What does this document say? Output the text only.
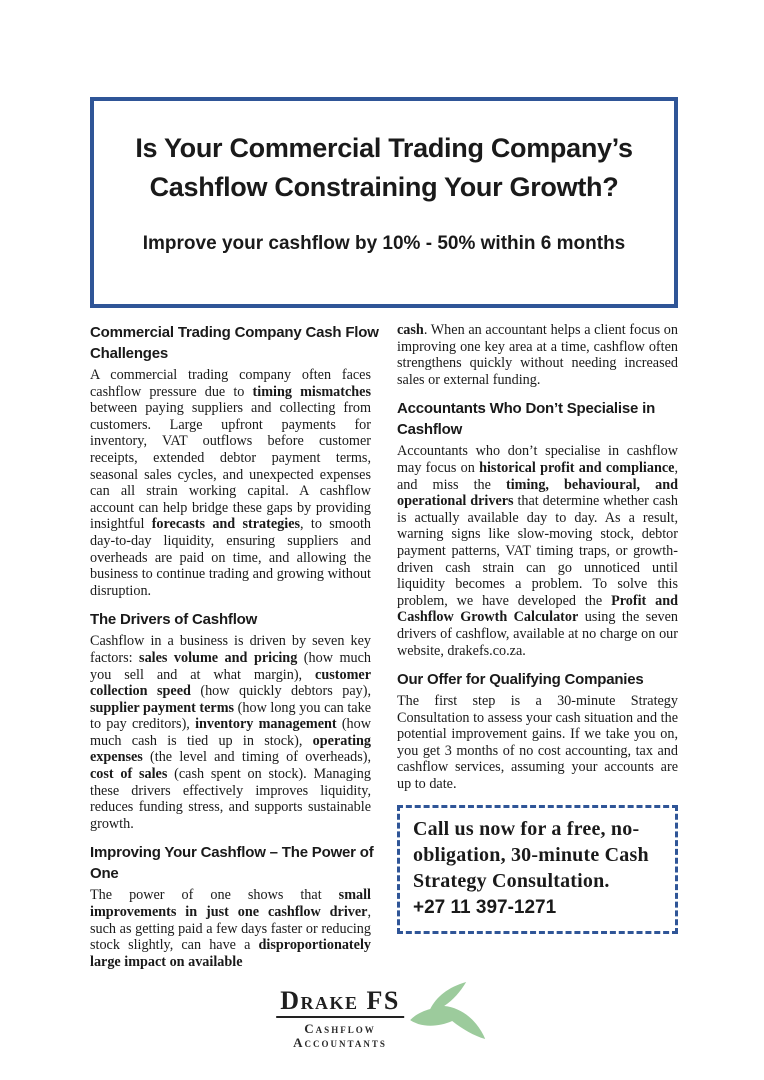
Is Your Commercial Trading Company’s
Cashflow Constraining Your Growth?
Improve your cashflow by 10% - 50% within 6 months
Commercial Trading Company Cash Flow
Challenges

A commercial trading company often faces cashflow pressure due to timing mismatches between paying suppliers and collecting from customers. Large upfront payments for inventory, VAT outflows before customer receipts, extended debtor payment terms, seasonal sales cycles, and unexpected expenses can all strain working capital. A cashflow account can help bridge these gaps by providing insightful forecasts and strategies, to smooth day-to-day liquidity, ensuring suppliers and overheads are paid on time, and allowing the business to continue trading and growing without disruption.

The Drivers of Cashflow

Cashflow in a business is driven by seven key factors: sales volume and pricing (how much you sell and at what margin), customer collection speed (how quickly debtors pay), supplier payment terms (how long you can take to pay creditors), inventory management (how much cash is tied up in stock), operating expenses (the level and timing of overheads), cost of sales (cash spent on stock). Managing these drivers effectively improves liquidity, reduces funding stress, and supports sustainable growth.

Improving Your Cashflow – The Power of
One

The power of one shows that small improvements in just one cashflow driver, such as getting paid a few days faster or reducing stock slightly, can have a disproportionately large impact on available

cash. When an accountant helps a client focus on improving one key area at a time, cashflow often strengthens quickly without needing increased sales or external funding.

Accountants Who Don’t Specialise in
Cashflow

Accountants who don’t specialise in cashflow may focus on historical profit and compliance, and miss the timing, behavioural, and operational drivers that determine whether cash is actually available day to day. As a result, warning signs like slow-moving stock, debtor payment patterns, VAT timing traps, or growth-driven cash strain can go unnoticed until liquidity becomes a problem. To solve this problem, we have developed the Profit and Cashflow Growth Calculator using the seven drivers of cashflow, available at no charge on our website, drakefs.co.za.

Our Offer for Qualifying Companies

The first step is a 30-minute Strategy Consultation to assess your cash situation and the potential improvement gains. If we take you on, you get 3 months of no cost accounting, tax and cashflow services, assuming your accounts are up to date.

Call us now for a free, no-
obligation, 30-minute Cash
Strategy Consultation.
+27 11 397-1271
Drake FS
Cashflow
Accountants
